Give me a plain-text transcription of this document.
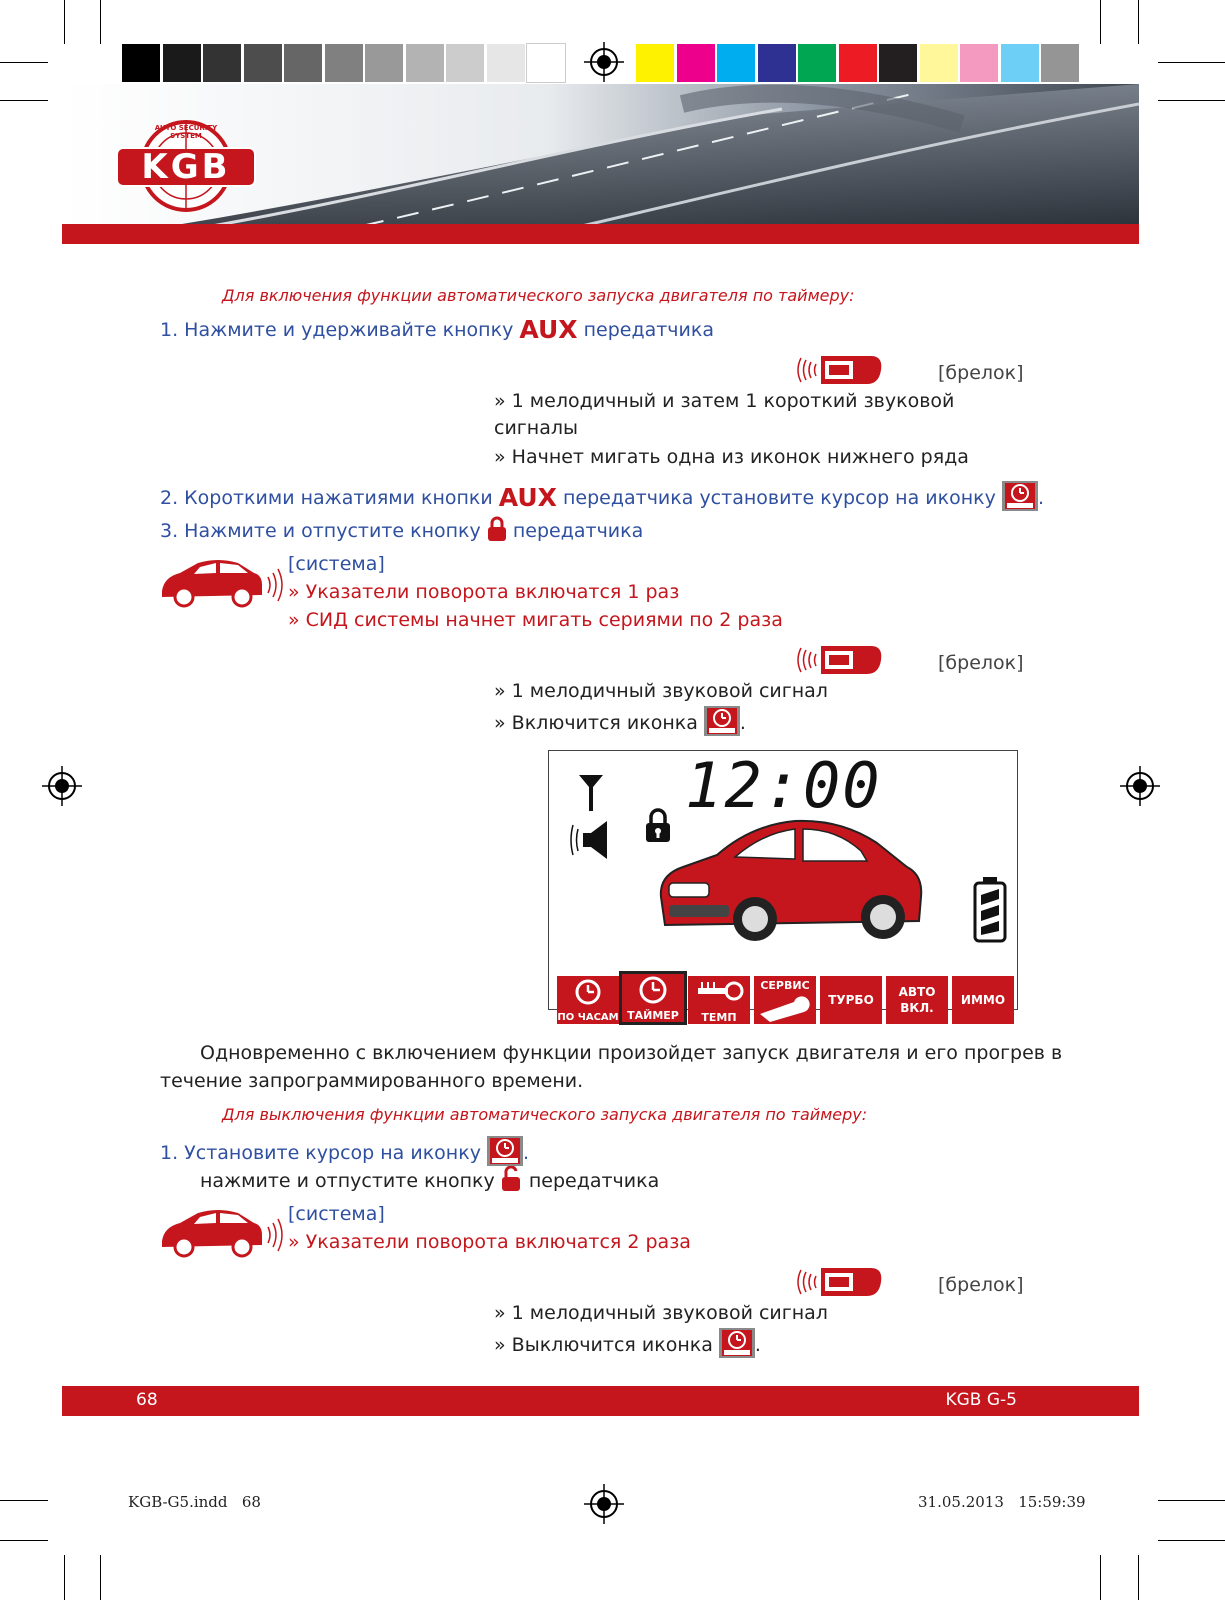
KGB
AUTO SECURITY SYSTEM
Для включения функции автоматического запуска двигателя по таймеру:
1. Нажмите и удерживайте кнопку AUX передатчика
[брелок]
» 1 мелодичный и затем 1 короткий звуковой
сигналы
» Начнет мигать одна из иконок нижнего ряда
2. Короткими нажатиями кнопки AUX передатчика установите курсор на иконку .
3. Нажмите и отпустите кнопку передатчика
[система]
» Указатели поворота включатся 1 раз
» СИД системы начнет мигать сериями по 2 раза
[брелок]
» 1 мелодичный звуковой сигнал
» Включится иконка .
12:00
ПО ЧАСАМ ТАЙМЕР	ТЕМП
СЕРВИС
ТУРБО
АВТО ВКЛ.
ИММО
Одновременно с включением функции произойдет запуск двигателя и его прогрев в
течение запрограммированного времени.
Для выключения функции автоматического запуска двигателя по таймеру:
1. Установите курсор на иконку .
нажмите и отпустите кнопку передатчика
[система]
» Указатели поворота включатся 2 раза
[брелок]
» 1 мелодичный звуковой сигнал
» Выключится иконка .
68	KGB G-5
KGB-G5.indd   68	31.05.2013   15:59:39
